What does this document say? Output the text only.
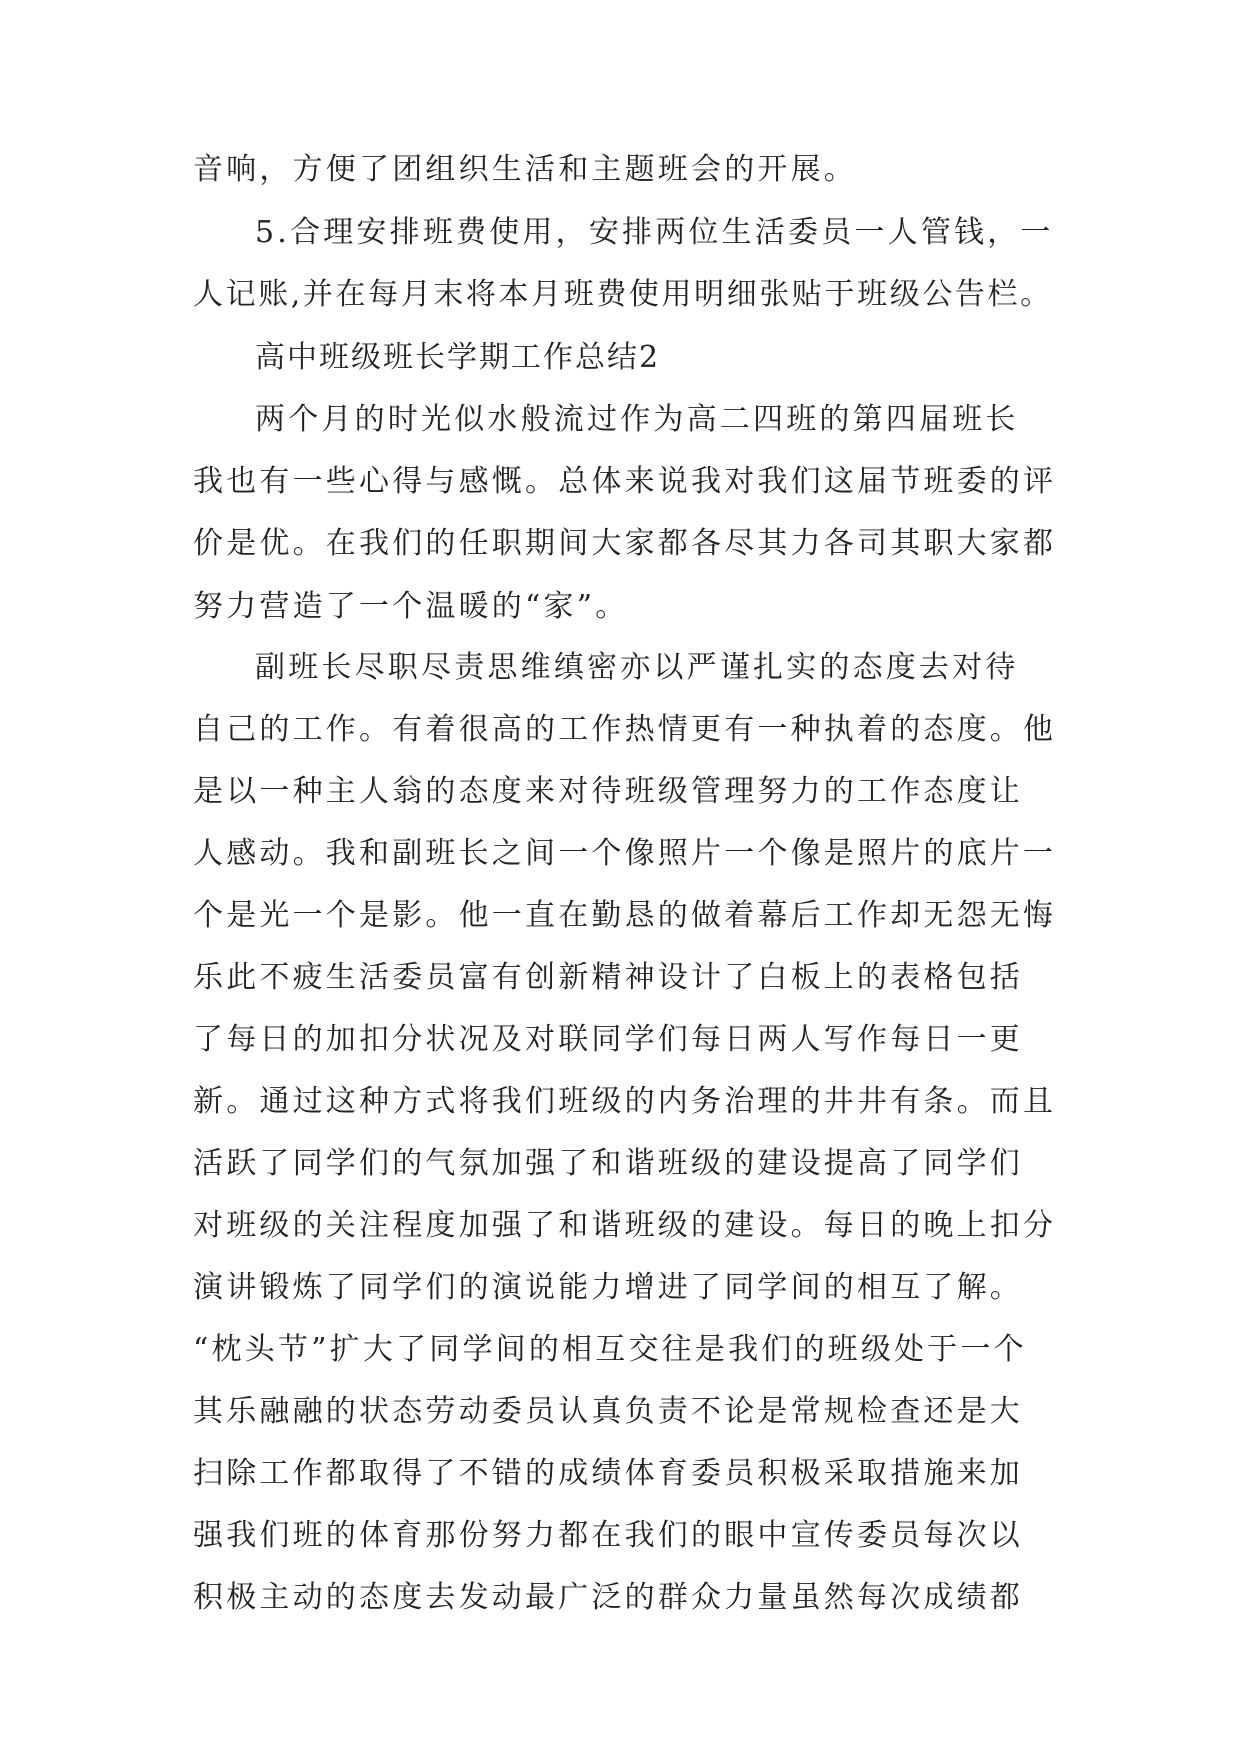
音响，方便了团组织生活和主题班会的开展。
5.合理安排班费使用，安排两位生活委员一人管钱，一
人记账,并在每月末将本月班费使用明细张贴于班级公告栏。
高中班级班长学期工作总结2
两个月的时光似水般流过作为高二四班的第四届班长
我也有一些心得与感慨。总体来说我对我们这届节班委的评
价是优。在我们的任职期间大家都各尽其力各司其职大家都
努力营造了一个温暖的“家”。
副班长尽职尽责思维缜密亦以严谨扎实的态度去对待
自己的工作。有着很高的工作热情更有一种执着的态度。他
是以一种主人翁的态度来对待班级管理努力的工作态度让
人感动。我和副班长之间一个像照片一个像是照片的底片一
个是光一个是影。他一直在勤恳的做着幕后工作却无怨无悔
乐此不疲生活委员富有创新精神设计了白板上的表格包括
了每日的加扣分状况及对联同学们每日两人写作每日一更
新。通过这种方式将我们班级的内务治理的井井有条。而且
活跃了同学们的气氛加强了和谐班级的建设提高了同学们
对班级的关注程度加强了和谐班级的建设。每日的晚上扣分
演讲锻炼了同学们的演说能力增进了同学间的相互了解。
“枕头节”扩大了同学间的相互交往是我们的班级处于一个
其乐融融的状态劳动委员认真负责不论是常规检查还是大
扫除工作都取得了不错的成绩体育委员积极采取措施来加
强我们班的体育那份努力都在我们的眼中宣传委员每次以
积极主动的态度去发动最广泛的群众力量虽然每次成绩都
